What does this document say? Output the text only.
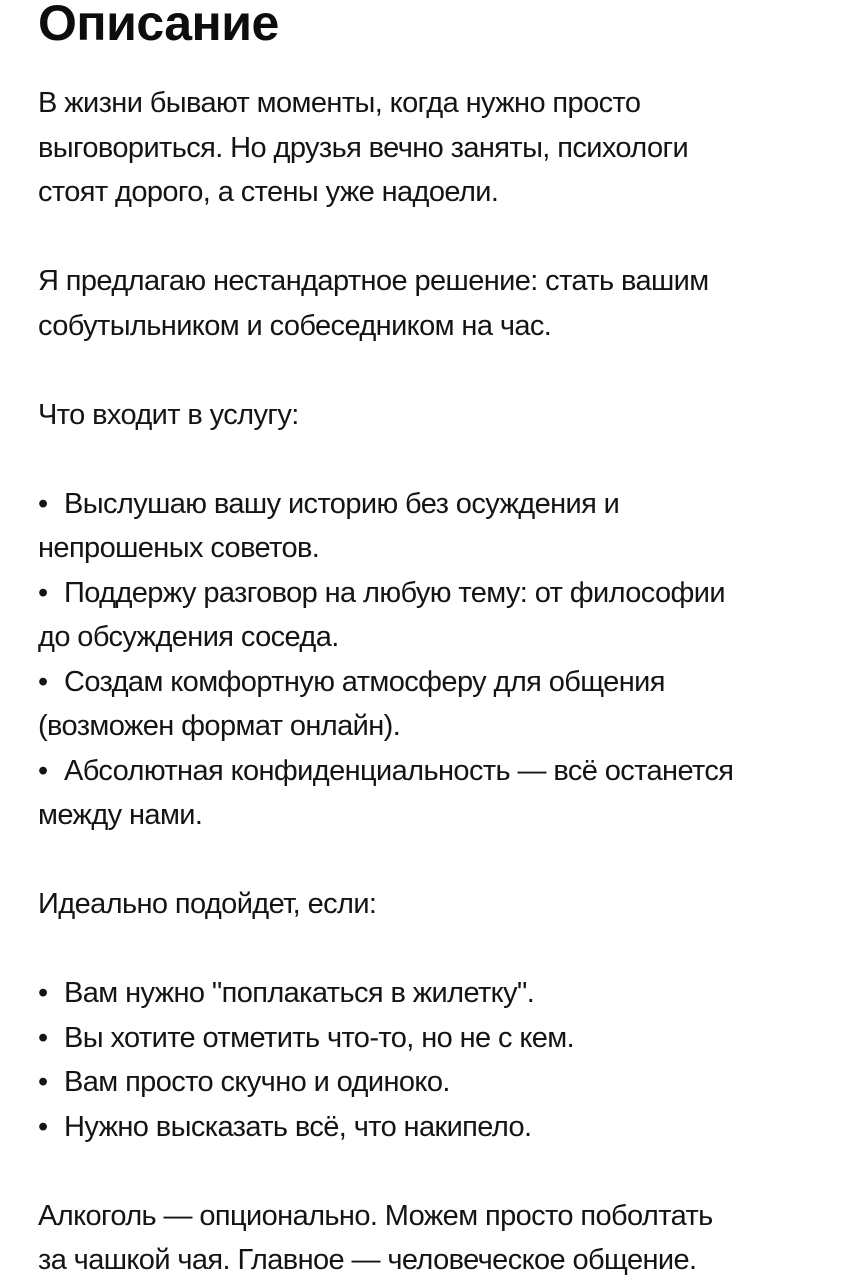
Описание
В жизни бывают моменты, когда нужно просто
выговориться. Но друзья вечно заняты, психологи
стоят дорого, а стены уже надоели.
Я предлагаю нестандартное решение: стать вашим
собутыльником и собеседником на час.
Что входит в услугу:
• Выслушаю вашу историю без осуждения и
непрошеных советов.
• Поддержу разговор на любую тему: от философии
до обсуждения соседа.
• Создам комфортную атмосферу для общения
(возможен формат онлайн).
• Абсолютная конфиденциальность — всё останется
между нами.
Идеально подойдет, если:
• Вам нужно "поплакаться в жилетку".
• Вы хотите отметить что-то, но не с кем.
• Вам просто скучно и одиноко.
• Нужно высказать всё, что накипело.
Алкоголь — опционально. Можем просто поболтать
за чашкой чая. Главное — человеческое общение.
